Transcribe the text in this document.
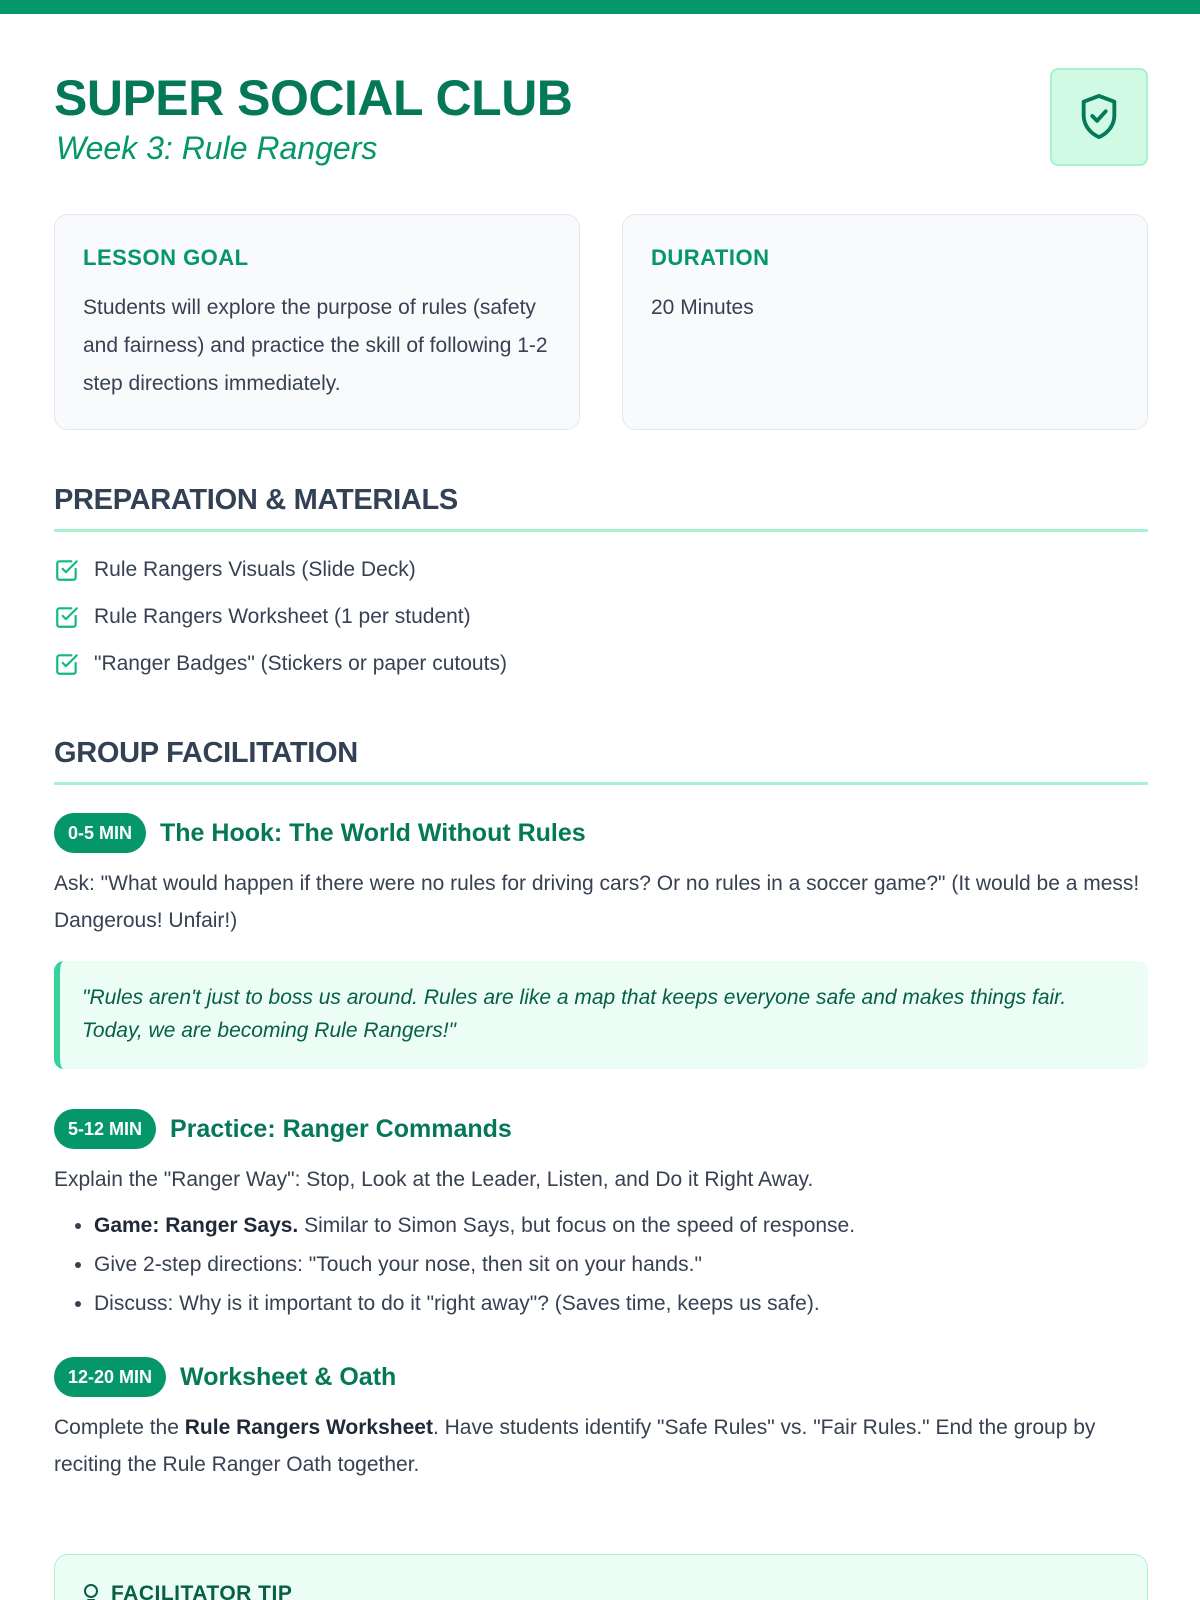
SUPER SOCIAL CLUB
Week 3: Rule Rangers
LESSON GOAL
Students will explore the purpose of rules (safety and fairness) and practice the skill of following 1-2 step directions immediately.
DURATION
20 Minutes
PREPARATION & MATERIALS
Rule Rangers Visuals (Slide Deck)
Rule Rangers Worksheet (1 per student)
"Ranger Badges" (Stickers or paper cutouts)
GROUP FACILITATION
0-5 MIN	The Hook: The World Without Rules
Ask: "What would happen if there were no rules for driving cars? Or no rules in a soccer game?" (It would be a mess! Dangerous! Unfair!)
"Rules aren't just to boss us around. Rules are like a map that keeps everyone safe and makes things fair. Today, we are becoming Rule Rangers!"
5-12 MIN	Practice: Ranger Commands
Explain the "Ranger Way": Stop, Look at the Leader, Listen, and Do it Right Away.
• Game: Ranger Says. Similar to Simon Says, but focus on the speed of response.
• Give 2-step directions: "Touch your nose, then sit on your hands."
• Discuss: Why is it important to do it "right away"? (Saves time, keeps us safe).
12-20 MIN	Worksheet & Oath
Complete the Rule Rangers Worksheet. Have students identify "Safe Rules" vs. "Fair Rules." End the group by reciting the Rule Ranger Oath together.
FACILITATOR TIP
